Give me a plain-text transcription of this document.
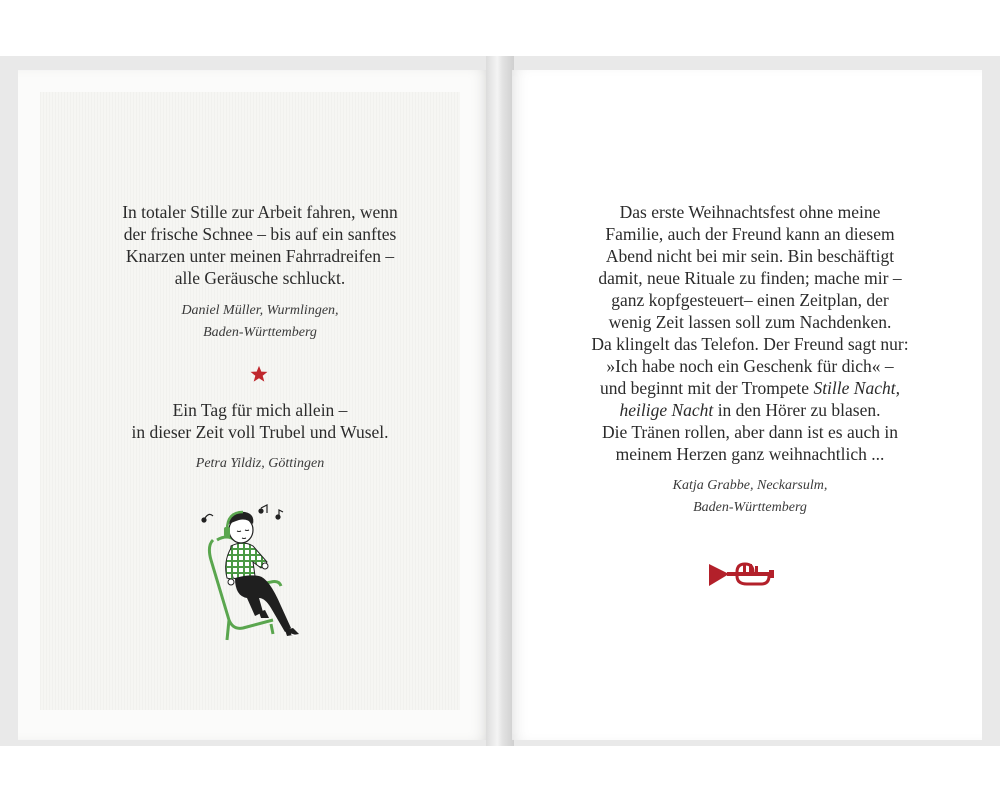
In totaler Stille zur Arbeit fahren, wenn

der frische Schnee – bis auf ein sanftes

Knarzen unter meinen Fahrradreifen –

alle Geräusche schluckt.

Daniel Müller, Wurmlingen,
Baden-Württemberg

Ein Tag für mich allein –

in dieser Zeit voll Trubel und Wusel.

Petra Yildiz, Göttingen

Das erste Weihnachtsfest ohne meine

Familie, auch der Freund kann an diesem

Abend nicht bei mir sein. Bin beschäftigt

damit, neue Rituale zu finden; mache mir –

ganz kopfgesteuert– einen Zeitplan, der

wenig Zeit lassen soll zum Nachdenken.

Da klingelt das Telefon. Der Freund sagt nur:

»Ich habe noch ein Geschenk für dich« –

und beginnt mit der Trompete Stille Nacht,

heilige Nacht in den Hörer zu blasen.

Die Tränen rollen, aber dann ist es auch in

meinem Herzen ganz weihnachtlich ...

Katja Grabbe, Neckarsulm,
Baden-Württemberg
